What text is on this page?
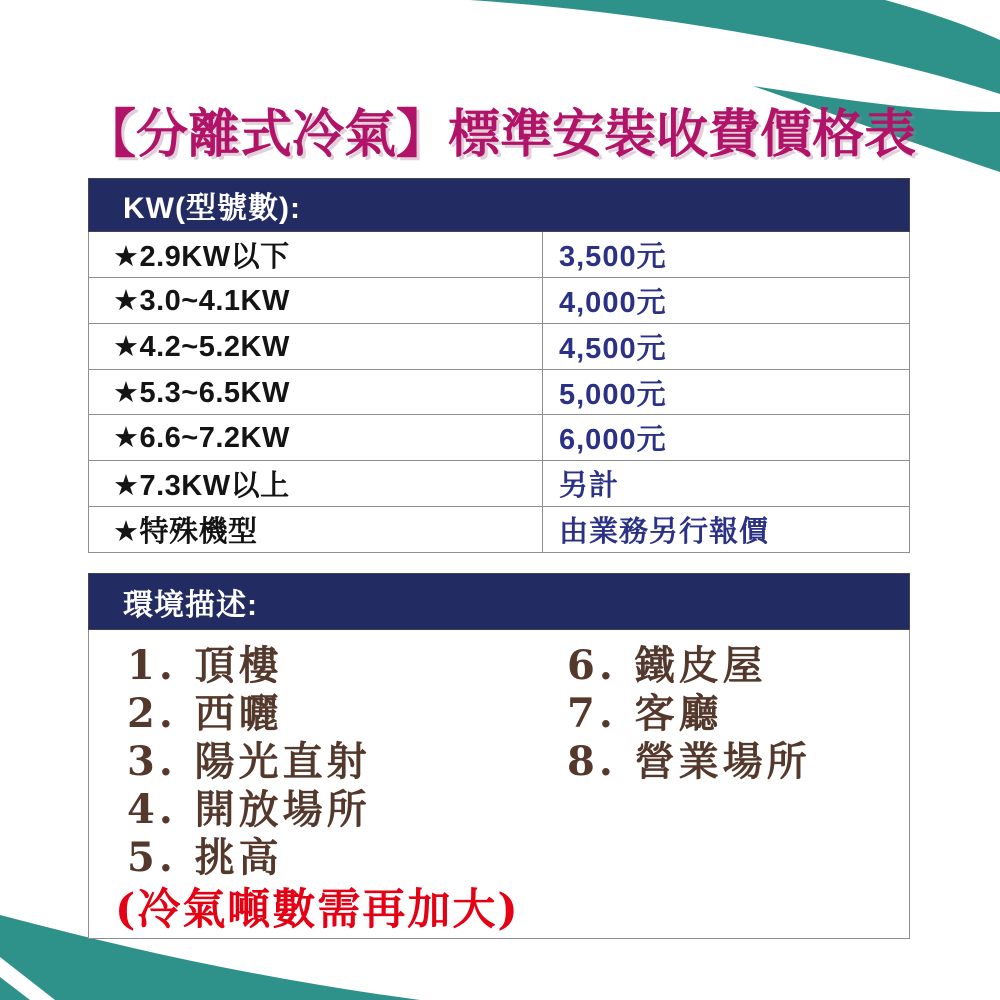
【分離式冷氣】標準安裝收費價格表
KW(型號數):
★2.9KW以下	3,500元
★3.0~4.1KW	4,000元
★4.2~5.2KW	4,500元
★5.3~6.5KW	5,000元
★6.6~7.2KW	6,000元
★7.3KW以上	另計
★特殊機型	由業務另行報價
環境描述:
1. 頂樓
2. 西曬
3. 陽光直射
4. 開放場所
5. 挑高
(冷氣噸數需再加大)
6. 鐵皮屋
7. 客廳
8. 營業場所
